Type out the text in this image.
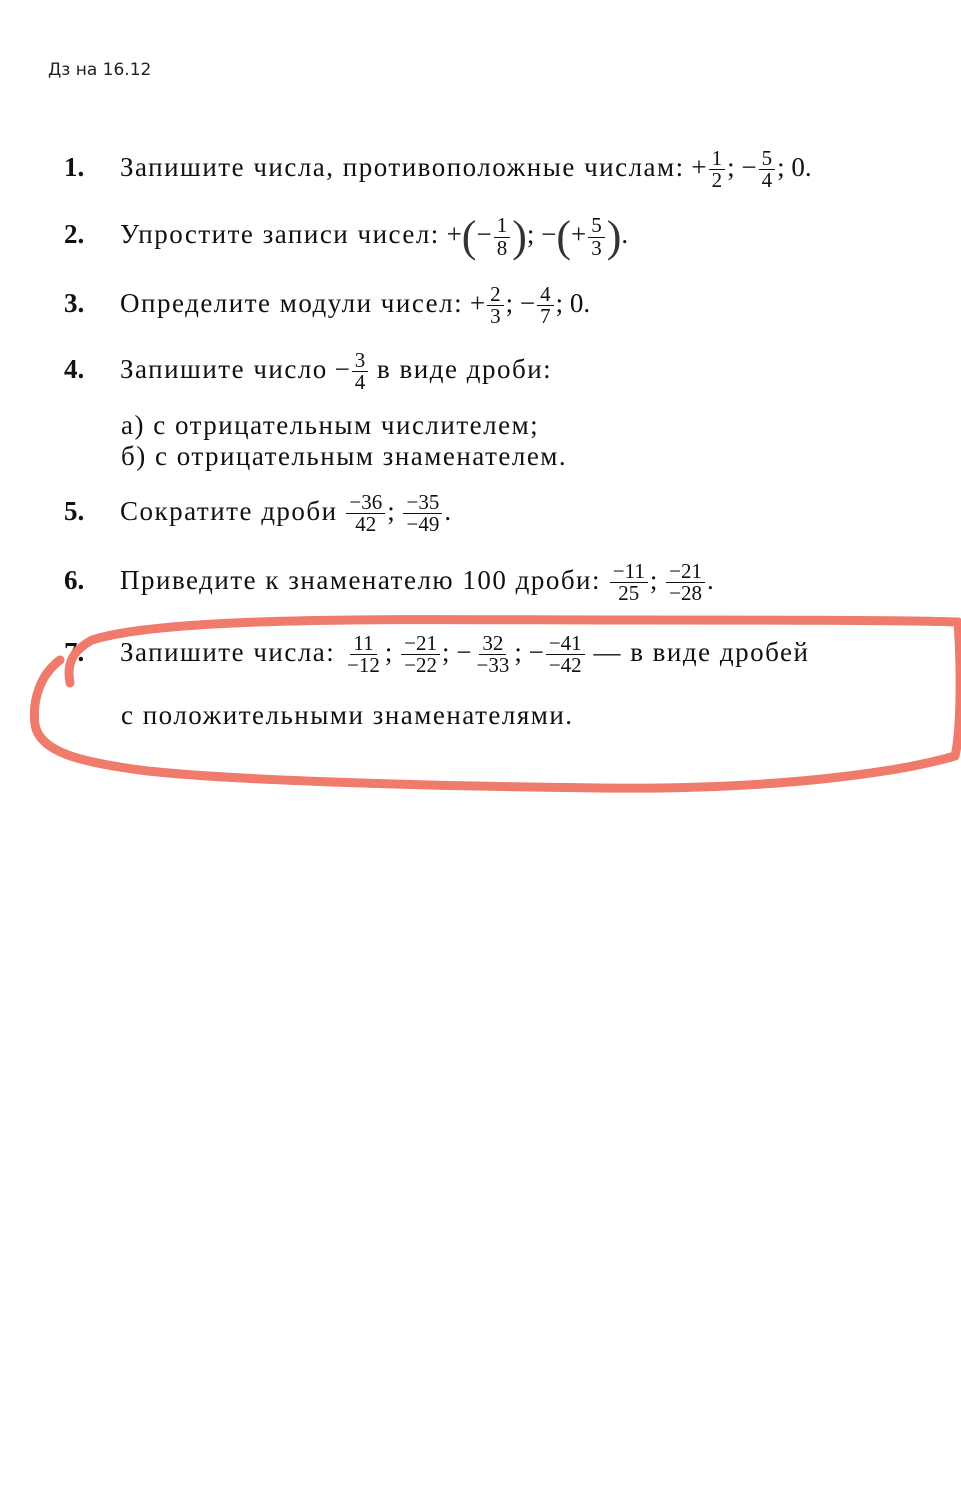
Дз на 16.12
1. Запишите числа, противоположные числам: + $\frac{1}{2}$ ; − $\frac{5}{4}$ ; 0.
2. Упростите записи чисел: +(− $\frac{1}{8}$ ); −(+ $\frac{5}{3}$ ).
3. Определите модули чисел: + $\frac{2}{3}$ ; − $\frac{4}{7}$ ; 0.
4. Запишите число − $\frac{3}{4}$ в виде дроби:
а) с отрицательным числителем;
б) с отрицательным знаменателем.
5. Сократите дроби $\frac{-36}{42}$ ; $\frac{-35}{-49}$ .
6. Приведите к знаменателю 100 дроби: $\frac{-11}{25}$ ; $\frac{-21}{-28}$ .
7. Запишите числа: $\frac{11}{-12}$ ; $\frac{-21}{-22}$ ; − $\frac{32}{-33}$ ; − $\frac{-41}{-42}$ — в виде дробей
с положительными знаменателями.
